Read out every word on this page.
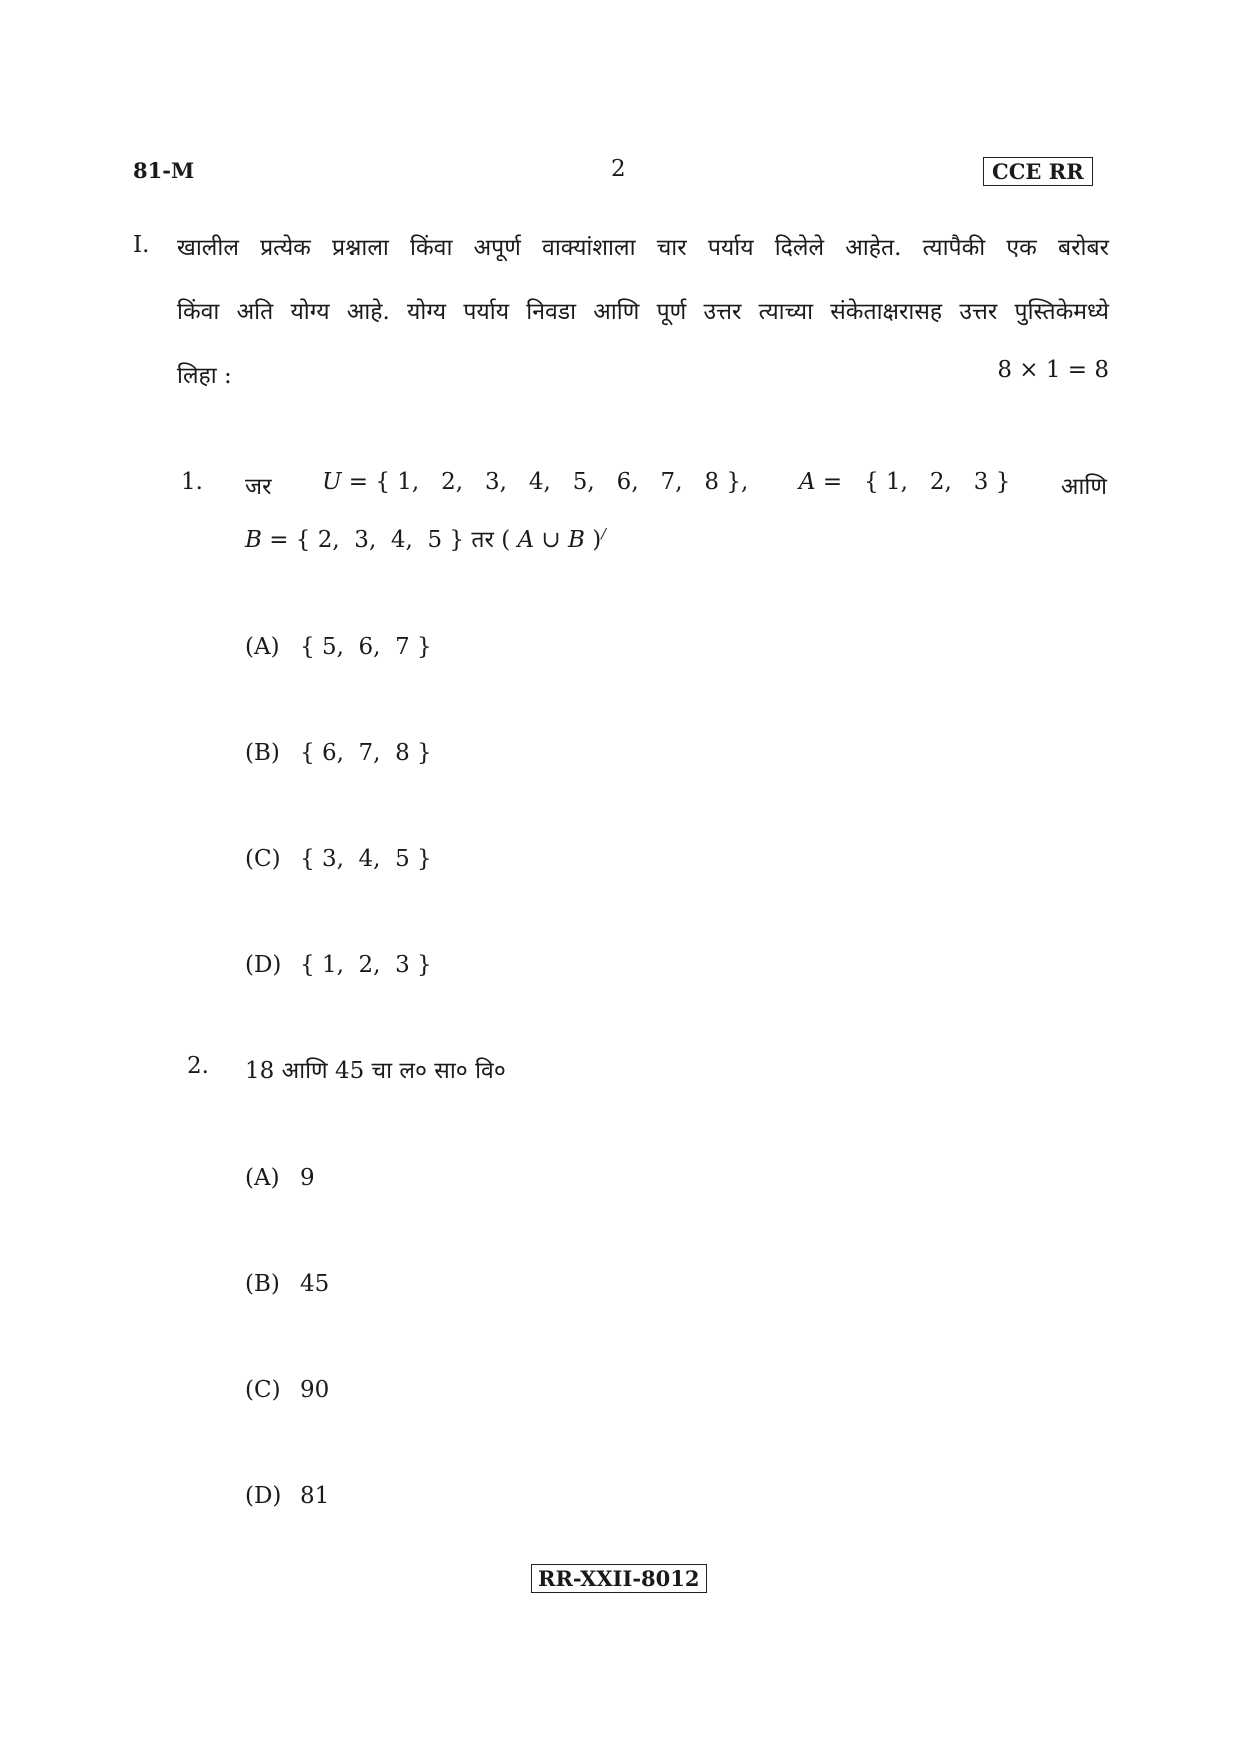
81-M	2	CCE RR
I. खालील प्रत्येक प्रश्नाला किंवा अपूर्ण वाक्यांशाला चार पर्याय दिलेले आहेत. त्यापैकी एक बरोबर
किंवा अति योग्य आहे. योग्य पर्याय निवडा आणि पूर्ण उत्तर त्याच्या संकेताक्षरासह उत्तर पुस्तिकेमध्ये
लिहा :	8 × 1 = 8
1. जर U = { 1,   2,   3,   4,   5,   6,   7,   8 }, A =   { 1,   2,   3 } आणि
B = { 2,  3,  4,  5 } तर ( A ∪ B )/
(A) { 5,  6,  7 }
(B) { 6,  7,  8 }
(C) { 3,  4,  5 }
(D) { 1,  2,  3 }
2. 18 आणि 45 चा ल० सा० वि०
(A) 9
(B) 45
(C) 90
(D) 81
RR-XXII-8012
